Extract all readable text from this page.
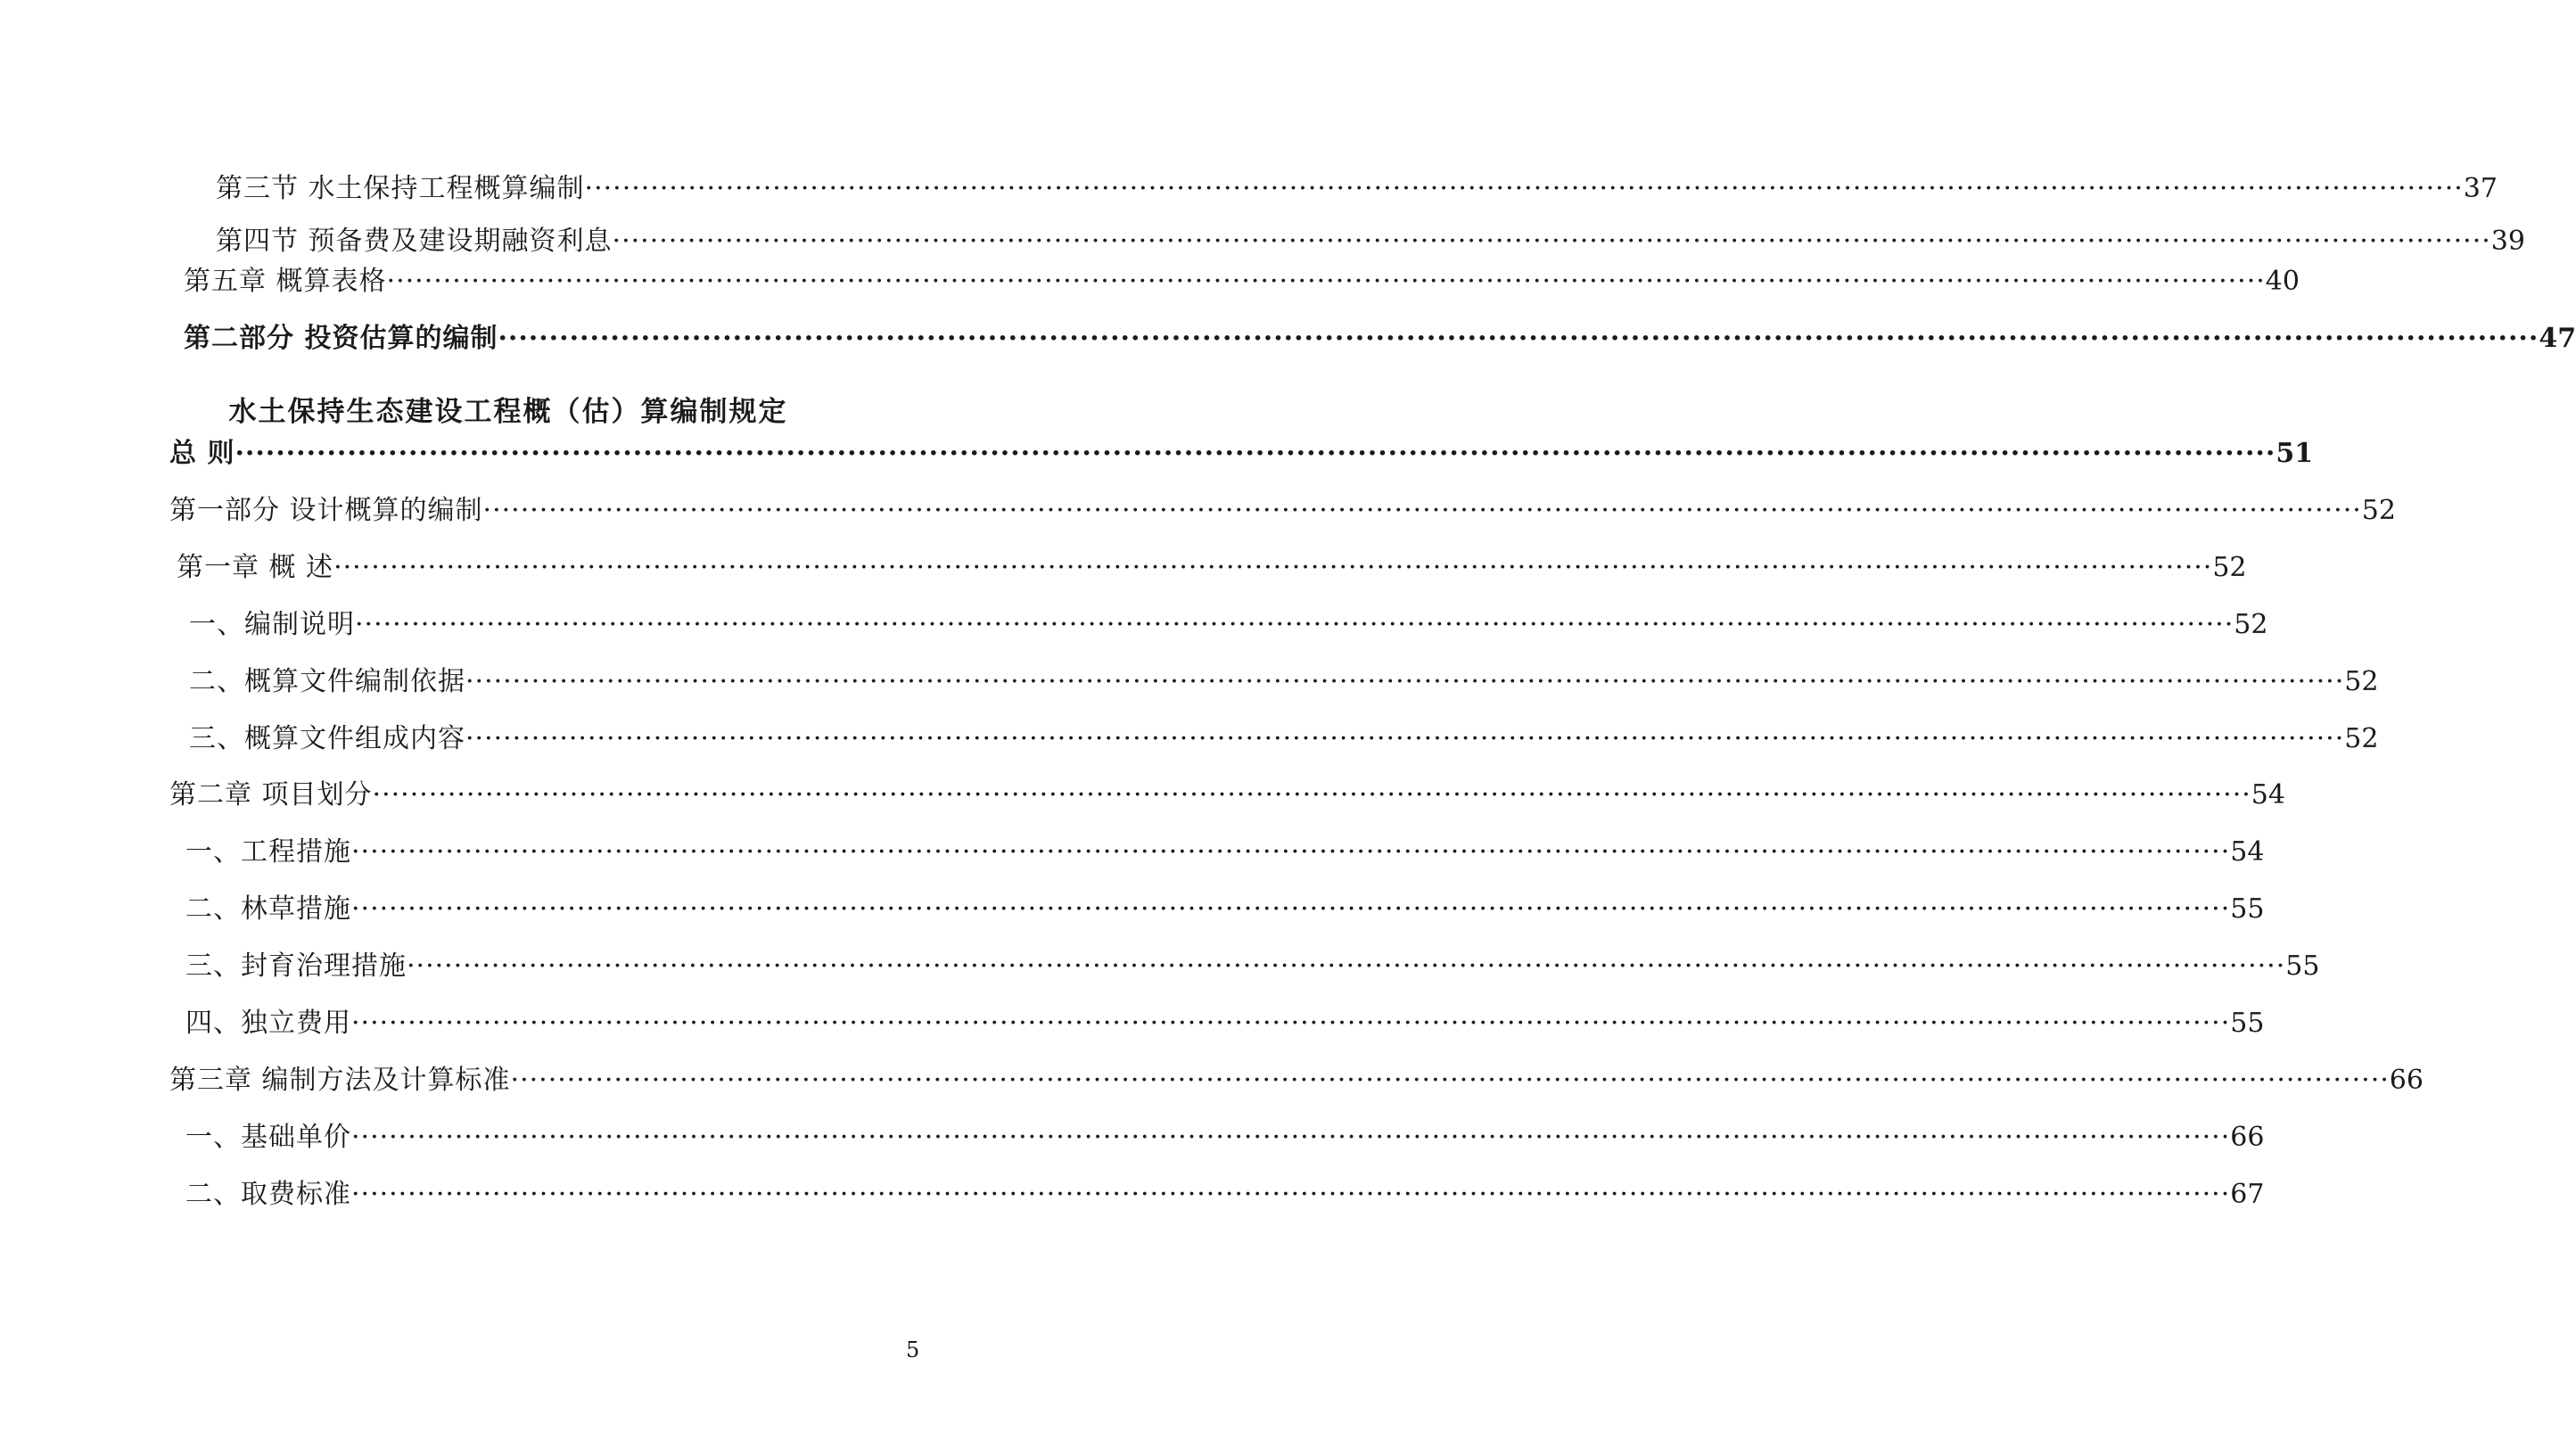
第三节 水土保持工程概算编制 ········································································································································································································ 37
第四节 预备费及建设期融资利息 ········································································································································································································ 39
第五章 概算表格 ········································································································································································································ 40
第二部分 投资估算的编制 ········································································································································································································ 47
水土保持生态建设工程概（估）算编制规定
总 则 ········································································································································································································ 51
第一部分 设计概算的编制 ········································································································································································································ 52
第一章 概 述 ········································································································································································································ 52
一、编制说明 ········································································································································································································ 52
二、概算文件编制依据 ········································································································································································································ 52
三、概算文件组成内容 ········································································································································································································ 52
第二章 项目划分 ········································································································································································································ 54
一、工程措施 ········································································································································································································ 54
二、林草措施 ········································································································································································································ 55
三、封育治理措施 ········································································································································································································ 55
四、独立费用 ········································································································································································································ 55
第三章 编制方法及计算标准 ········································································································································································································ 66
一、基础单价 ········································································································································································································ 66
二、取费标准 ········································································································································································································ 67
5
